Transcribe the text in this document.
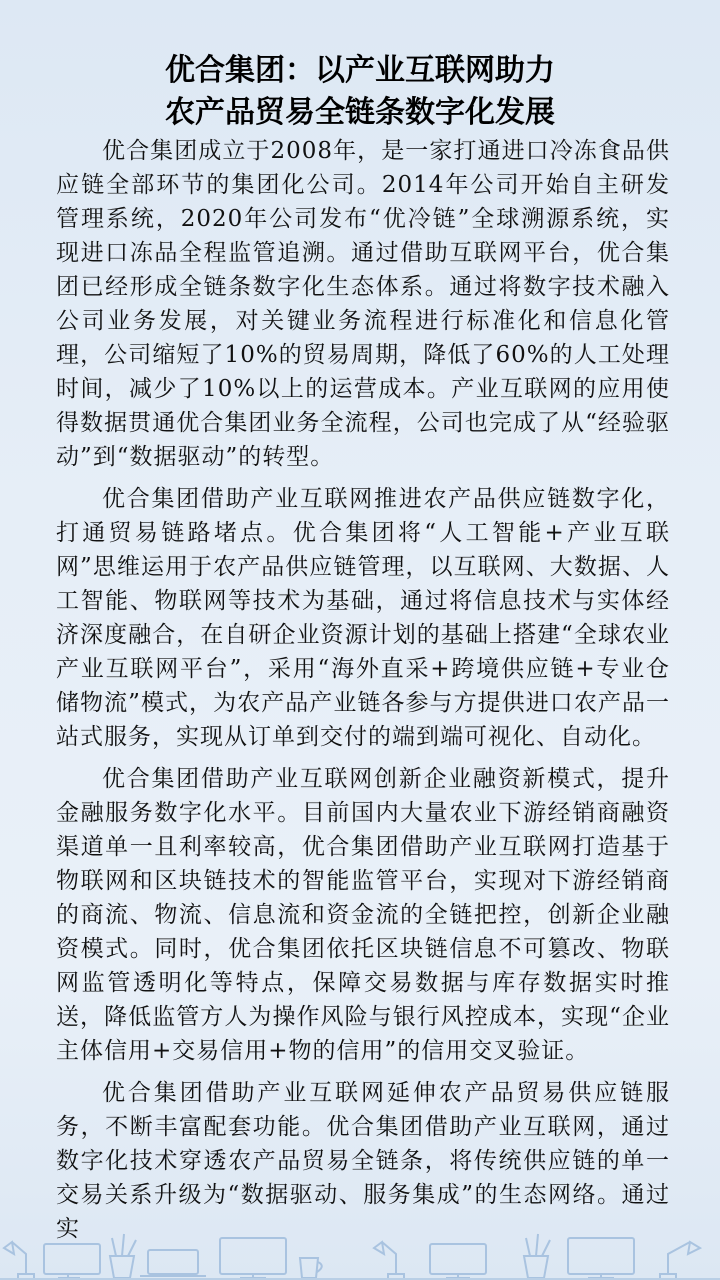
优合集团：以产业互联网助力
农产品贸易全链条数字化发展

优合集团成立于2008年，是一家打通进口冷冻食品供应链全部环节的集团化公司。2014年公司开始自主研发管理系统，2020年公司发布“优冷链”全球溯源系统，实现进口冻品全程监管追溯。通过借助互联网平台，优合集团已经形成全链条数字化生态体系。通过将数字技术融入公司业务发展，对关键业务流程进行标准化和信息化管理，公司缩短了10%的贸易周期，降低了60%的人工处理时间，减少了10%以上的运营成本。产业互联网的应用使得数据贯通优合集团业务全流程，公司也完成了从“经验驱动”到“数据驱动”的转型。

优合集团借助产业互联网推进农产品供应链数字化，打通贸易链路堵点。优合集团将“人工智能+产业互联网”思维运用于农产品供应链管理，以互联网、大数据、人工智能、物联网等技术为基础，通过将信息技术与实体经济深度融合，在自研企业资源计划的基础上搭建“全球农业产业互联网平台”，采用“海外直采+跨境供应链+专业仓储物流”模式，为农产品产业链各参与方提供进口农产品一站式服务，实现从订单到交付的端到端可视化、自动化。

优合集团借助产业互联网创新企业融资新模式，提升金融服务数字化水平。目前国内大量农业下游经销商融资渠道单一且利率较高，优合集团借助产业互联网打造基于物联网和区块链技术的智能监管平台，实现对下游经销商的商流、物流、信息流和资金流的全链把控，创新企业融资模式。同时，优合集团依托区块链信息不可篡改、物联网监管透明化等特点，保障交易数据与库存数据实时推送，降低监管方人为操作风险与银行风控成本，实现“企业主体信用+交易信用+物的信用”的信用交叉验证。

优合集团借助产业互联网延伸农产品贸易供应链服务，不断丰富配套功能。优合集团借助产业互联网，通过数字化技术穿透农产品贸易全链条，将传统供应链的单一交易关系升级为“数据驱动、服务集成”的生态网络。通过实
